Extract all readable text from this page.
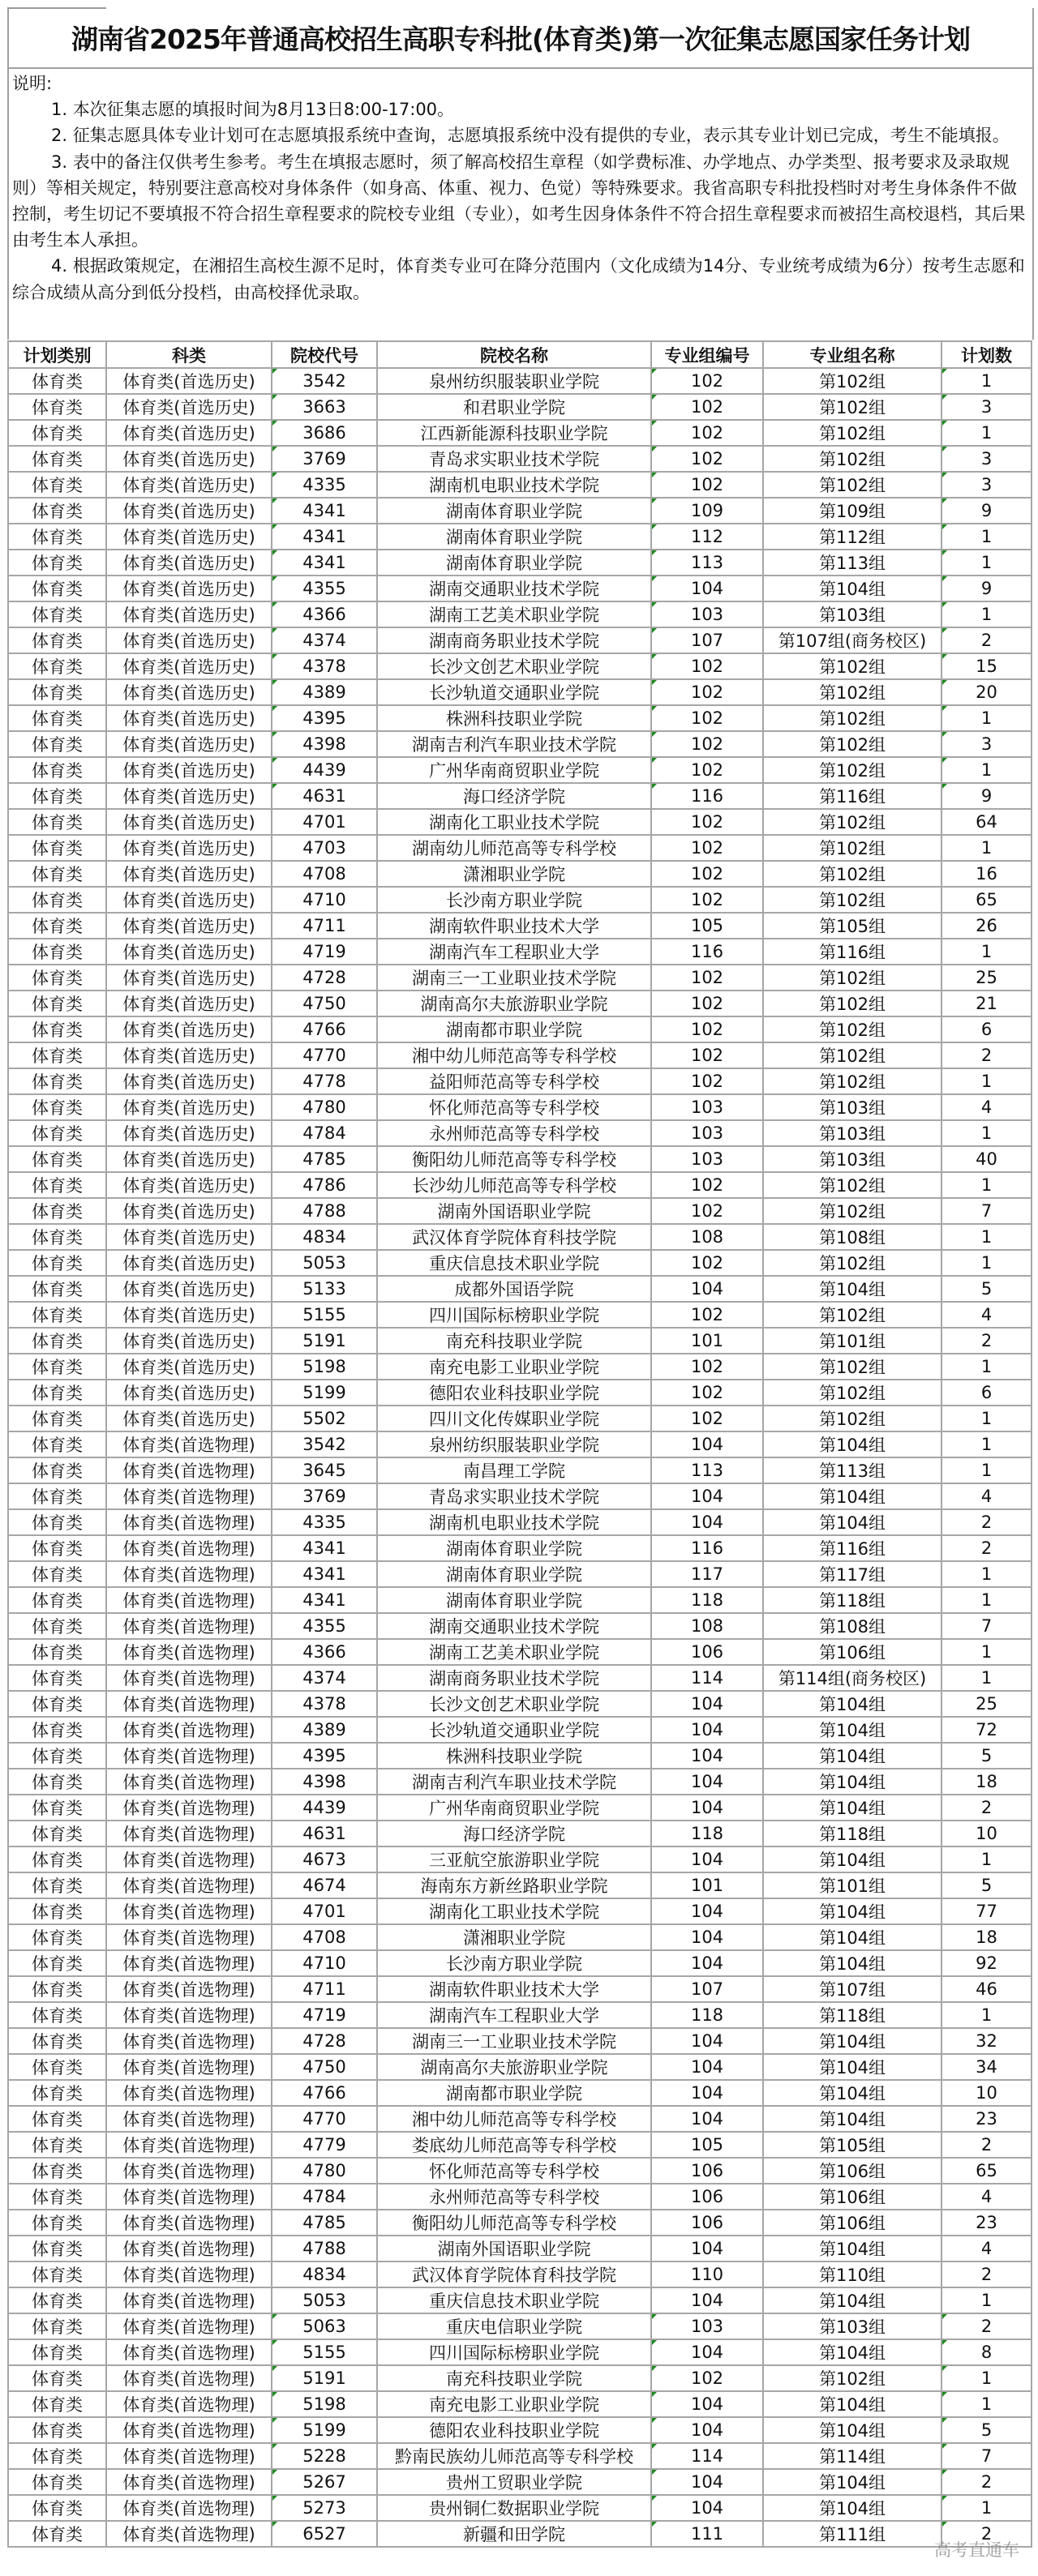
湖南省2025年普通高校招生高职专科批(体育类)第一次征集志愿国家任务计划

说明:

1. 本次征集志愿的填报时间为8月13日8:00-17:00。

2. 征集志愿具体专业计划可在志愿填报系统中查询，志愿填报系统中没有提供的专业，表示其专业计划已完成，考生不能填报。

3. 表中的备注仅供考生参考。考生在填报志愿时，须了解高校招生章程（如学费标准、办学地点、办学类型、报考要求及录取规则）等相关规定，特别要注意高校对身体条件（如身高、体重、视力、色觉）等特殊要求。我省高职专科批投档时对考生身体条件不做控制，考生切记不要填报不符合招生章程要求的院校专业组（专业），如考生因身体条件不符合招生章程要求而被招生高校退档，其后果由考生本人承担。

4. 根据政策规定，在湘招生高校生源不足时，体育类专业可在降分范围内（文化成绩为14分、专业统考成绩为6分）按考生志愿和综合成绩从高分到低分投档，由高校择优录取。

计划类别	科类	院校代号	院校名称	专业组编号	专业组名称	计划数
体育类	体育类(首选历史)	3542	泉州纺织服装职业学院	102	第102组	1
体育类	体育类(首选历史)	3663	和君职业学院	102	第102组	3
体育类	体育类(首选历史)	3686	江西新能源科技职业学院	102	第102组	1
体育类	体育类(首选历史)	3769	青岛求实职业技术学院	102	第102组	3
体育类	体育类(首选历史)	4335	湖南机电职业技术学院	102	第102组	3
体育类	体育类(首选历史)	4341	湖南体育职业学院	109	第109组	9
体育类	体育类(首选历史)	4341	湖南体育职业学院	112	第112组	1
体育类	体育类(首选历史)	4341	湖南体育职业学院	113	第113组	1
体育类	体育类(首选历史)	4355	湖南交通职业技术学院	104	第104组	9
体育类	体育类(首选历史)	4366	湖南工艺美术职业学院	103	第103组	1
体育类	体育类(首选历史)	4374	湖南商务职业技术学院	107	第107组(商务校区)	2
体育类	体育类(首选历史)	4378	长沙文创艺术职业学院	102	第102组	15
体育类	体育类(首选历史)	4389	长沙轨道交通职业学院	102	第102组	20
体育类	体育类(首选历史)	4395	株洲科技职业学院	102	第102组	1
体育类	体育类(首选历史)	4398	湖南吉利汽车职业技术学院	102	第102组	3
体育类	体育类(首选历史)	4439	广州华南商贸职业学院	102	第102组	1
体育类	体育类(首选历史)	4631	海口经济学院	116	第116组	9
体育类	体育类(首选历史)	4701	湖南化工职业技术学院	102	第102组	64
体育类	体育类(首选历史)	4703	湖南幼儿师范高等专科学校	102	第102组	1
体育类	体育类(首选历史)	4708	潇湘职业学院	102	第102组	16
体育类	体育类(首选历史)	4710	长沙南方职业学院	102	第102组	65
体育类	体育类(首选历史)	4711	湖南软件职业技术大学	105	第105组	26
体育类	体育类(首选历史)	4719	湖南汽车工程职业大学	116	第116组	1
体育类	体育类(首选历史)	4728	湖南三一工业职业技术学院	102	第102组	25
体育类	体育类(首选历史)	4750	湖南高尔夫旅游职业学院	102	第102组	21
体育类	体育类(首选历史)	4766	湖南都市职业学院	102	第102组	6
体育类	体育类(首选历史)	4770	湘中幼儿师范高等专科学校	102	第102组	2
体育类	体育类(首选历史)	4778	益阳师范高等专科学校	102	第102组	1
体育类	体育类(首选历史)	4780	怀化师范高等专科学校	103	第103组	4
体育类	体育类(首选历史)	4784	永州师范高等专科学校	103	第103组	1
体育类	体育类(首选历史)	4785	衡阳幼儿师范高等专科学校	103	第103组	40
体育类	体育类(首选历史)	4786	长沙幼儿师范高等专科学校	102	第102组	1
体育类	体育类(首选历史)	4788	湖南外国语职业学院	102	第102组	7
体育类	体育类(首选历史)	4834	武汉体育学院体育科技学院	108	第108组	1
体育类	体育类(首选历史)	5053	重庆信息技术职业学院	102	第102组	1
体育类	体育类(首选历史)	5133	成都外国语学院	104	第104组	5
体育类	体育类(首选历史)	5155	四川国际标榜职业学院	102	第102组	4
体育类	体育类(首选历史)	5191	南充科技职业学院	101	第101组	2
体育类	体育类(首选历史)	5198	南充电影工业职业学院	102	第102组	1
体育类	体育类(首选历史)	5199	德阳农业科技职业学院	102	第102组	6
体育类	体育类(首选历史)	5502	四川文化传媒职业学院	102	第102组	1
体育类	体育类(首选物理)	3542	泉州纺织服装职业学院	104	第104组	1
体育类	体育类(首选物理)	3645	南昌理工学院	113	第113组	1
体育类	体育类(首选物理)	3769	青岛求实职业技术学院	104	第104组	4
体育类	体育类(首选物理)	4335	湖南机电职业技术学院	104	第104组	2
体育类	体育类(首选物理)	4341	湖南体育职业学院	116	第116组	2
体育类	体育类(首选物理)	4341	湖南体育职业学院	117	第117组	1
体育类	体育类(首选物理)	4341	湖南体育职业学院	118	第118组	1
体育类	体育类(首选物理)	4355	湖南交通职业技术学院	108	第108组	7
体育类	体育类(首选物理)	4366	湖南工艺美术职业学院	106	第106组	1
体育类	体育类(首选物理)	4374	湖南商务职业技术学院	114	第114组(商务校区)	1
体育类	体育类(首选物理)	4378	长沙文创艺术职业学院	104	第104组	25
体育类	体育类(首选物理)	4389	长沙轨道交通职业学院	104	第104组	72
体育类	体育类(首选物理)	4395	株洲科技职业学院	104	第104组	5
体育类	体育类(首选物理)	4398	湖南吉利汽车职业技术学院	104	第104组	18
体育类	体育类(首选物理)	4439	广州华南商贸职业学院	104	第104组	2
体育类	体育类(首选物理)	4631	海口经济学院	118	第118组	10
体育类	体育类(首选物理)	4673	三亚航空旅游职业学院	104	第104组	1
体育类	体育类(首选物理)	4674	海南东方新丝路职业学院	101	第101组	5
体育类	体育类(首选物理)	4701	湖南化工职业技术学院	104	第104组	77
体育类	体育类(首选物理)	4708	潇湘职业学院	104	第104组	18
体育类	体育类(首选物理)	4710	长沙南方职业学院	104	第104组	92
体育类	体育类(首选物理)	4711	湖南软件职业技术大学	107	第107组	46
体育类	体育类(首选物理)	4719	湖南汽车工程职业大学	118	第118组	1
体育类	体育类(首选物理)	4728	湖南三一工业职业技术学院	104	第104组	32
体育类	体育类(首选物理)	4750	湖南高尔夫旅游职业学院	104	第104组	34
体育类	体育类(首选物理)	4766	湖南都市职业学院	104	第104组	10
体育类	体育类(首选物理)	4770	湘中幼儿师范高等专科学校	104	第104组	23
体育类	体育类(首选物理)	4779	娄底幼儿师范高等专科学校	105	第105组	2
体育类	体育类(首选物理)	4780	怀化师范高等专科学校	106	第106组	65
体育类	体育类(首选物理)	4784	永州师范高等专科学校	106	第106组	4
体育类	体育类(首选物理)	4785	衡阳幼儿师范高等专科学校	106	第106组	23
体育类	体育类(首选物理)	4788	湖南外国语职业学院	104	第104组	4
体育类	体育类(首选物理)	4834	武汉体育学院体育科技学院	110	第110组	2
体育类	体育类(首选物理)	5053	重庆信息技术职业学院	104	第104组	1
体育类	体育类(首选物理)	5063	重庆电信职业学院	103	第103组	2
体育类	体育类(首选物理)	5155	四川国际标榜职业学院	104	第104组	8
体育类	体育类(首选物理)	5191	南充科技职业学院	102	第102组	1
体育类	体育类(首选物理)	5198	南充电影工业职业学院	104	第104组	1
体育类	体育类(首选物理)	5199	德阳农业科技职业学院	104	第104组	5
体育类	体育类(首选物理)	5228	黔南民族幼儿师范高等专科学校	114	第114组	7
体育类	体育类(首选物理)	5267	贵州工贸职业学院	104	第104组	2
体育类	体育类(首选物理)	5273	贵州铜仁数据职业学院	104	第104组	1
体育类	体育类(首选物理)	6527	新疆和田学院	111	第111组	2
高考直通车
